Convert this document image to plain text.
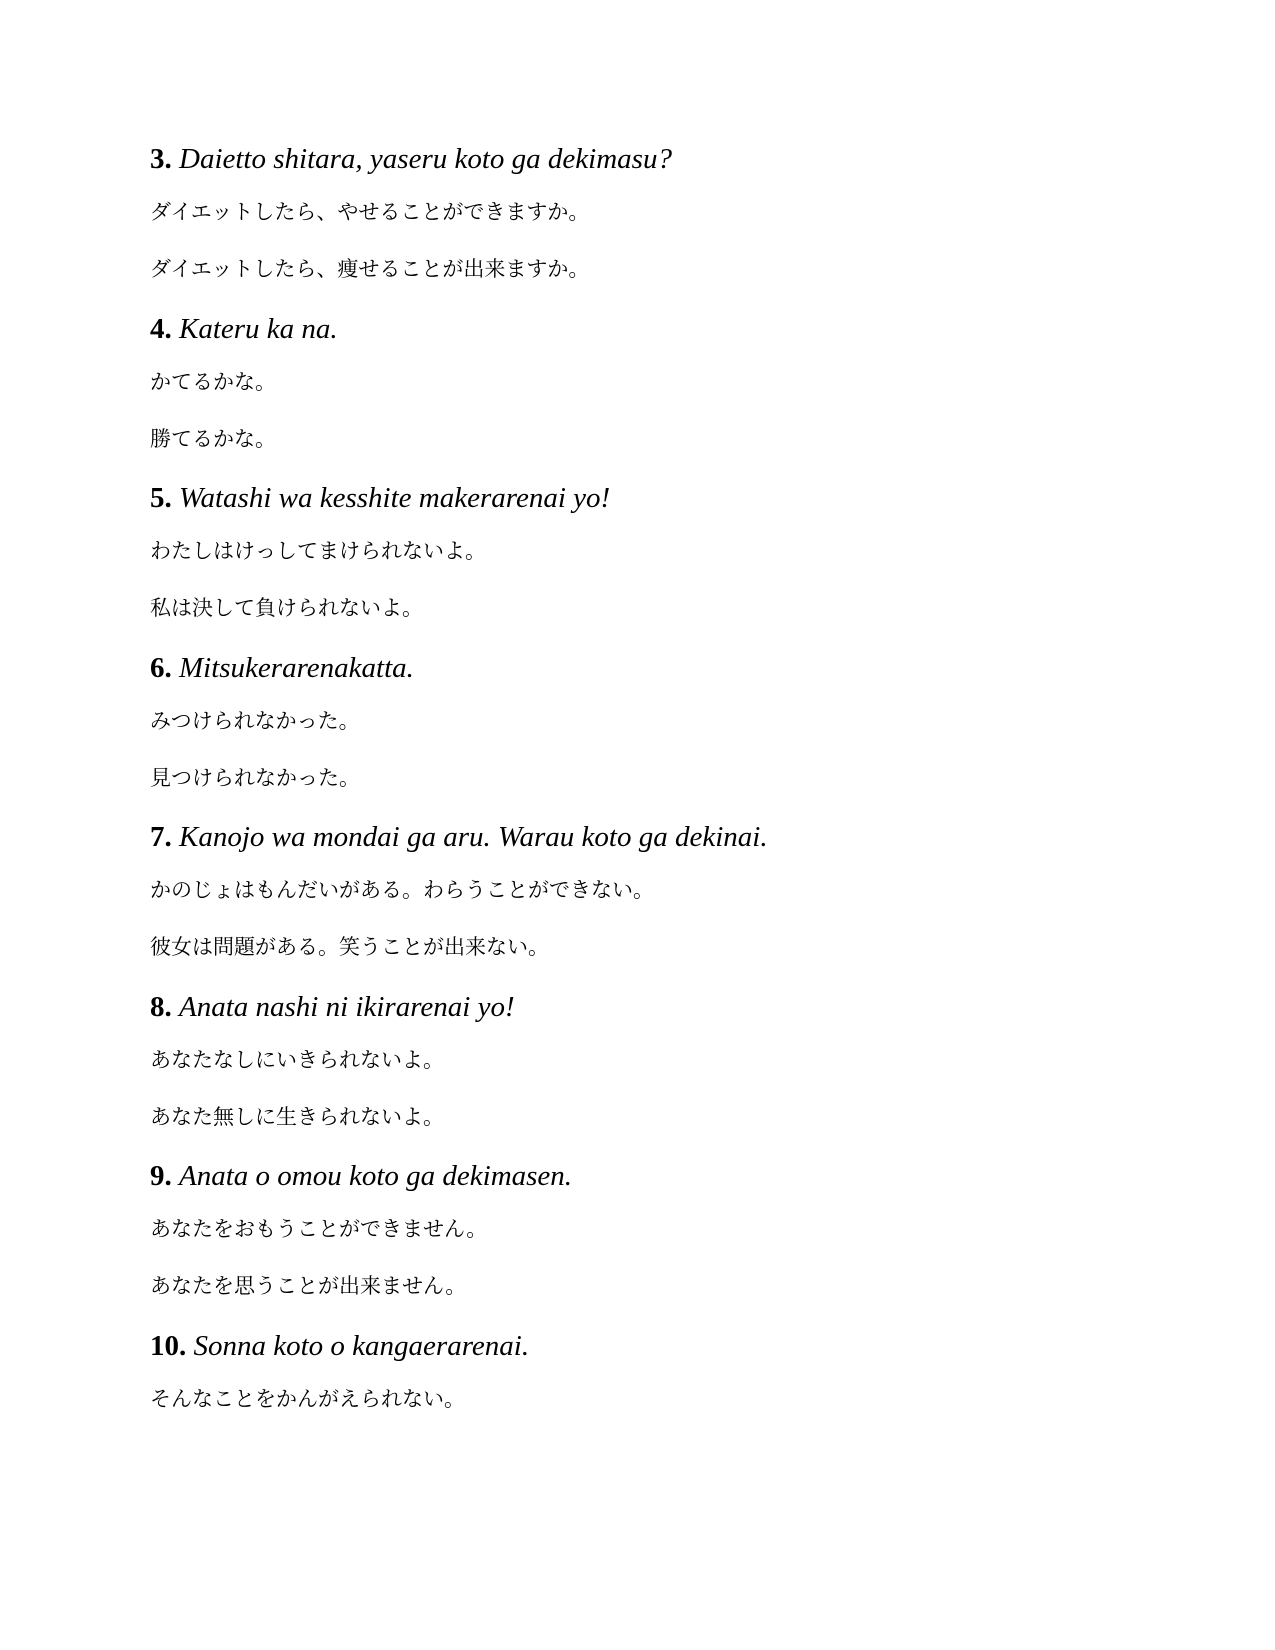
3. Daietto shitara, yaseru koto ga dekimasu?

ダイエットしたら、やせることができますか。

ダイエットしたら、痩せることが出来ますか。

4. Kateru ka na.

かてるかな。

勝てるかな。

5. Watashi wa kesshite makerarenai yo!

わたしはけっしてまけられないよ。

私は決して負けられないよ。

6. Mitsukerarenakatta.

みつけられなかった。

見つけられなかった。

7. Kanojo wa mondai ga aru. Warau koto ga dekinai.

かのじょはもんだいがある。わらうことができない。

彼女は問題がある。笑うことが出来ない。

8. Anata nashi ni ikirarenai yo!

あなたなしにいきられないよ。

あなた無しに生きられないよ。

9. Anata o omou koto ga dekimasen.

あなたをおもうことができません。

あなたを思うことが出来ません。

10. Sonna koto o kangaerarenai.

そんなことをかんがえられない。
